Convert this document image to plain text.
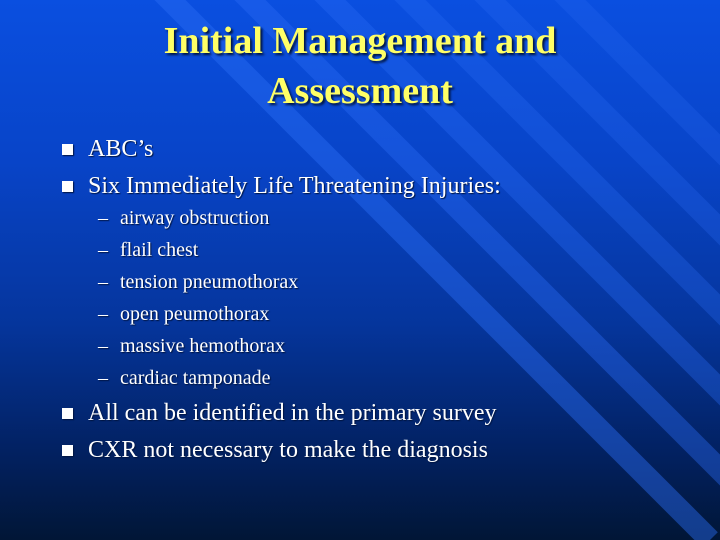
Initial Management and
Assessment
ABC’s
Six Immediately Life Threatening Injuries:
– airway obstruction
– flail chest
– tension pneumothorax
– open peumothorax
– massive hemothorax
– cardiac tamponade
All can be identified in the primary survey
CXR not necessary to make the diagnosis
